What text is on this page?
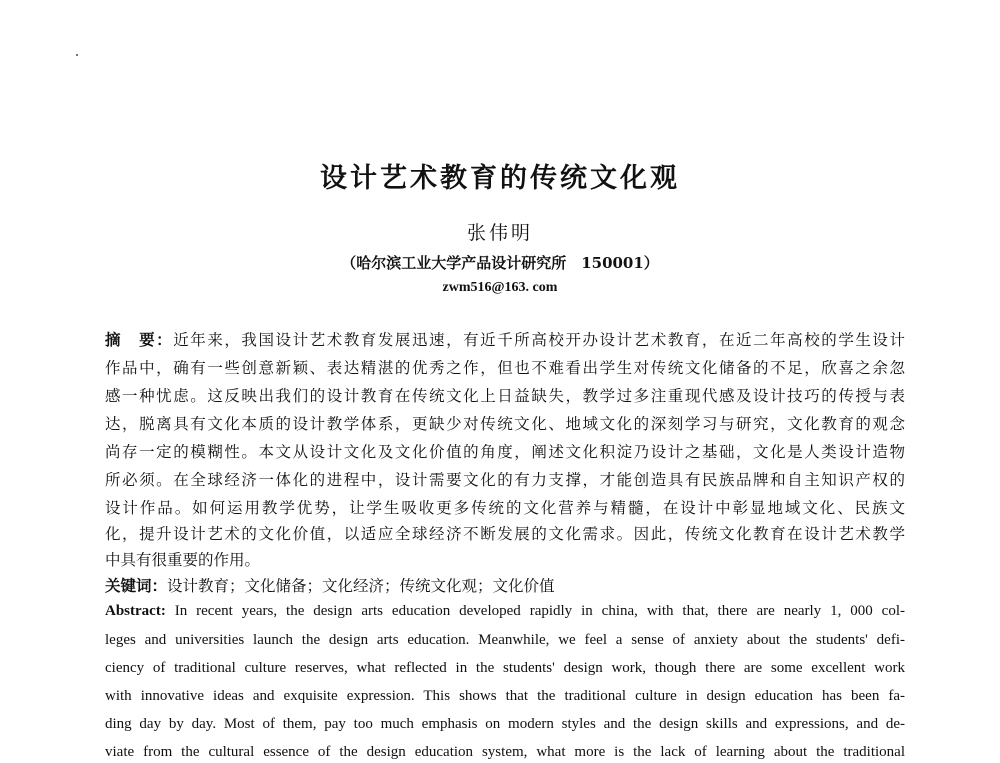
设计艺术教育的传统文化观
张伟明
（哈尔滨工业大学产品设计研究所　150001）
zwm516@163. com
摘　要：近年来，我国设计艺术教育发展迅速，有近千所高校开办设计艺术教育，在近二年高校的学生设计
作品中，确有一些创意新颖、表达精湛的优秀之作，但也不难看出学生对传统文化储备的不足，欣喜之余忽
感一种忧虑。这反映出我们的设计教育在传统文化上日益缺失，教学过多注重现代感及设计技巧的传授与表
达，脱离具有文化本质的设计教学体系，更缺少对传统文化、地域文化的深刻学习与研究，文化教育的观念
尚存一定的模糊性。本文从设计文化及文化价值的角度，阐述文化积淀乃设计之基础，文化是人类设计造物
所必须。在全球经济一体化的进程中，设计需要文化的有力支撑，才能创造具有民族品牌和自主知识产权的
设计作品。如何运用教学优势，让学生吸收更多传统的文化营养与精髓，在设计中彰显地域文化、民族文
化，提升设计艺术的文化价值，以适应全球经济不断发展的文化需求。因此，传统文化教育在设计艺术教学
中具有很重要的作用。
关键词：设计教育；文化储备；文化经济；传统文化观；文化价值
Abstract: In recent years, the design arts education developed rapidly in china, with that, there are nearly 1, 000 col-
leges and universities launch the design arts education. Meanwhile, we feel a sense of anxiety about the students' defi-
ciency of traditional culture reserves, what reflected in the students' design work, though there are some excellent work
with innovative ideas and exquisite expression. This shows that the traditional culture in design education has been fa-
ding day by day. Most of them, pay too much emphasis on modern styles and the design skills and expressions, and de-
viate from the cultural essence of the design education system, what more is the lack of learning about the traditional
